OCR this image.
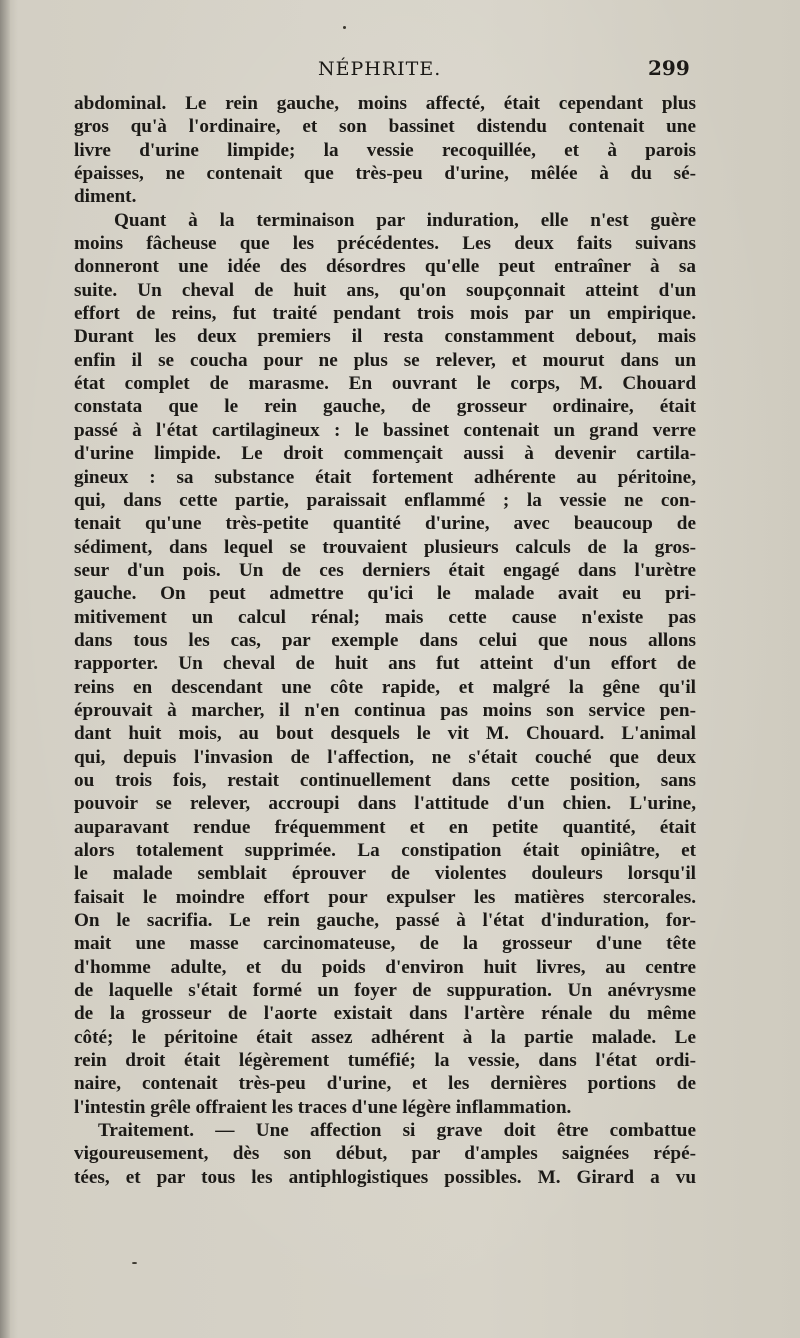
NÉPHRITE.	299
abdominal. Le rein gauche, moins affecté, était cependant plus
gros qu'à l'ordinaire, et son bassinet distendu contenait une
livre d'urine limpide; la vessie recoquillée, et à parois
épaisses, ne contenait que très-peu d'urine, mêlée à du sé-
diment.
Quant à la terminaison par induration, elle n'est guère
moins fâcheuse que les précédentes. Les deux faits suivans
donneront une idée des désordres qu'elle peut entraîner à sa
suite. Un cheval de huit ans, qu'on soupçonnait atteint d'un
effort de reins, fut traité pendant trois mois par un empirique.
Durant les deux premiers il resta constamment debout, mais
enfin il se coucha pour ne plus se relever, et mourut dans un
état complet de marasme. En ouvrant le corps, M. Chouard
constata que le rein gauche, de grosseur ordinaire, était
passé à l'état cartilagineux : le bassinet contenait un grand verre
d'urine limpide. Le droit commençait aussi à devenir cartila-
gineux : sa substance était fortement adhérente au péritoine,
qui, dans cette partie, paraissait enflammé ; la vessie ne con-
tenait qu'une très-petite quantité d'urine, avec beaucoup de
sédiment, dans lequel se trouvaient plusieurs calculs de la gros-
seur d'un pois. Un de ces derniers était engagé dans l'urètre
gauche. On peut admettre qu'ici le malade avait eu pri-
mitivement un calcul rénal; mais cette cause n'existe pas
dans tous les cas, par exemple dans celui que nous allons
rapporter. Un cheval de huit ans fut atteint d'un effort de
reins en descendant une côte rapide, et malgré la gêne qu'il
éprouvait à marcher, il n'en continua pas moins son service pen-
dant huit mois, au bout desquels le vit M. Chouard. L'animal
qui, depuis l'invasion de l'affection, ne s'était couché que deux
ou trois fois, restait continuellement dans cette position, sans
pouvoir se relever, accroupi dans l'attitude d'un chien. L'urine,
auparavant rendue fréquemment et en petite quantité, était
alors totalement supprimée. La constipation était opiniâtre, et
le malade semblait éprouver de violentes douleurs lorsqu'il
faisait le moindre effort pour expulser les matières stercorales.
On le sacrifia. Le rein gauche, passé à l'état d'induration, for-
mait une masse carcinomateuse, de la grosseur d'une tête
d'homme adulte, et du poids d'environ huit livres, au centre
de laquelle s'était formé un foyer de suppuration. Un anévrysme
de la grosseur de l'aorte existait dans l'artère rénale du même
côté; le péritoine était assez adhérent à la partie malade. Le
rein droit était légèrement tuméfié; la vessie, dans l'état ordi-
naire, contenait très-peu d'urine, et les dernières portions de
l'intestin grêle offraient les traces d'une légère inflammation.
Traitement. — Une affection si grave doit être combattue
vigoureusement, dès son début, par d'amples saignées répé-
tées, et par tous les antiphlogistiques possibles. M. Girard a vu
